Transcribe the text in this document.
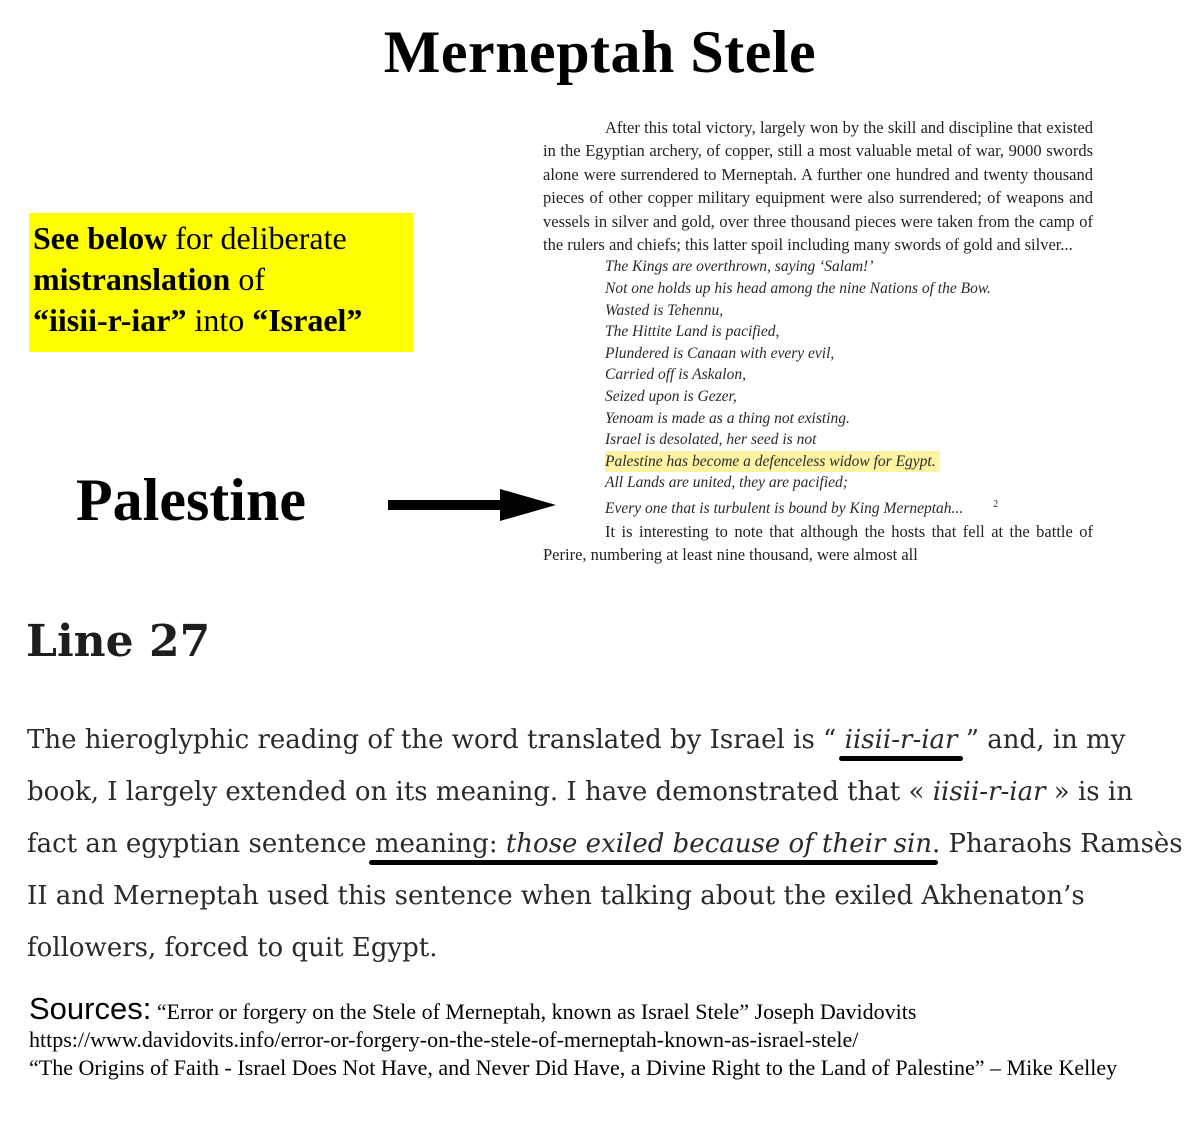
Merneptah Stele
See below for deliberate
mistranslation of
“iisii-r-iar” into “Israel”
Palestine

After this total victory, largely won by the skill and discipline that existed in the Egyptian archery, of copper, still a most valuable metal of war, 9000 swords alone were surrendered to Merneptah. A further one hundred and twenty thousand pieces of other copper military equipment were also surrendered; of weapons and vessels in silver and gold, over three thousand pieces were taken from the camp of the rulers and chiefs; this latter spoil including many swords of gold and silver...

The Kings are overthrown, saying ‘Salam!’
Not one holds up his head among the nine Nations of the Bow.
Wasted is Tehennu,
The Hittite Land is pacified,
Plundered is Canaan with every evil,
Carried off is Askalon,
Seized upon is Gezer,
Yenoam is made as a thing not existing.
Israel is desolated, her seed is not
Palestine has become a defenceless widow for Egypt.
All Lands are united, they are pacified;
Every one that is turbulent is bound by King Merneptah...	$^2$

It is interesting to note that although the hosts that fell at the battle of Perire, numbering at least nine thousand, were almost all

Line 27
The hieroglyphic reading of the word translated by Israel is “ iisii-r-iar ” and, in my book, I largely extended on its meaning. I have demonstrated that « iisii-r-iar » is in fact an egyptian sentence meaning: those exiled because of their sin. Pharaohs Ramsès II and Merneptah used this sentence when talking about the exiled Akhenaton’s followers, forced to quit Egypt.
Sources: “Error or forgery on the Stele of Merneptah, known as Israel Stele” Joseph Davidovits
https://www.davidovits.info/error-or-forgery-on-the-stele-of-merneptah-known-as-israel-stele/
“The Origins of Faith - Israel Does Not Have, and Never Did Have, a Divine Right to the Land of Palestine” – Mike Kelley
